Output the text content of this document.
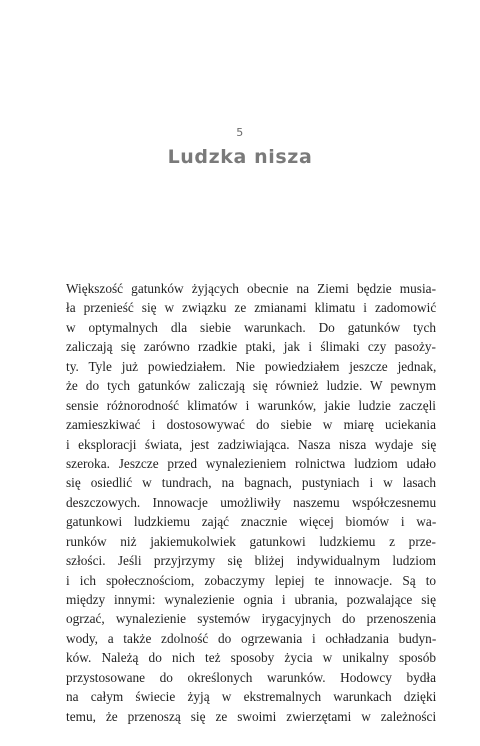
5
Ludzka nisza
Większość gatunków żyjących obecnie na Ziemi będzie musia-
ła przenieść się w związku ze zmianami klimatu i zadomowić
w optymalnych dla siebie warunkach. Do gatunków tych
zaliczają się zarówno rzadkie ptaki, jak i ślimaki czy pasoży-
ty. Tyle już powiedziałem. Nie powiedziałem jeszcze jednak,
że do tych gatunków zaliczają się również ludzie. W pewnym
sensie różnorodność klimatów i warunków, jakie ludzie zaczęli
zamieszkiwać i dostosowywać do siebie w miarę uciekania
i eksploracji świata, jest zadziwiająca. Nasza nisza wydaje się
szeroka. Jeszcze przed wynalezieniem rolnictwa ludziom udało
się osiedlić w tundrach, na bagnach, pustyniach i w lasach
deszczowych. Innowacje umożliwiły naszemu współczesnemu
gatunkowi ludzkiemu zająć znacznie więcej biomów i wa-
runków niż jakiemukolwiek gatunkowi ludzkiemu z prze-
szłości. Jeśli przyjrzymy się bliżej indywidualnym ludziom
i ich społecznościom, zobaczymy lepiej te innowacje. Są to
między innymi: wynalezienie ognia i ubrania, pozwalające się
ogrzać, wynalezienie systemów irygacyjnych do przenoszenia
wody, a także zdolność do ogrzewania i ochładzania budyn-
ków. Należą do nich też sposoby życia w unikalny sposób
przystosowane do określonych warunków. Hodowcy bydła
na całym świecie żyją w ekstremalnych warunkach dzięki
temu, że przenoszą się ze swoimi zwierzętami w zależności
